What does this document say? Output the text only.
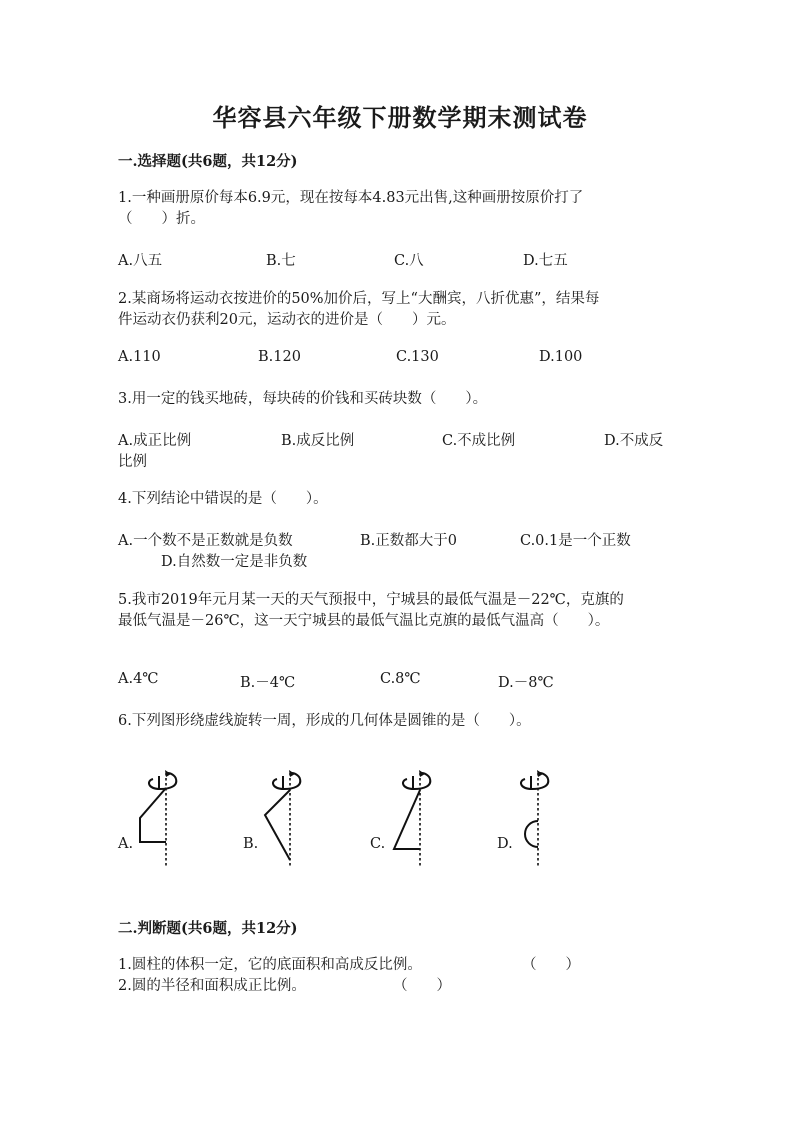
华容县六年级下册数学期末测试卷
一.选择题(共6题，共12分)
1.一种画册原价每本6.9元，现在按每本4.83元出售,这种画册按原价打了
（　　）折。
A.八五	B.七	C.八	D.七五
2.某商场将运动衣按进价的50%加价后，写上“大酬宾，八折优惠”，结果每
件运动衣仍获利20元，运动衣的进价是（　　）元。
A.110	B.120	C.130	D.100
3.用一定的钱买地砖，每块砖的价钱和买砖块数（　　）。
A.成正比例	B.成反比例	C.不成比例	D.不成反
比例
4.下列结论中错误的是（　　）。
A.一个数不是正数就是负数	B.正数都大于0	C.0.1是一个正数
D.自然数一定是非负数
5.我市2019年元月某一天的天气预报中，宁城县的最低气温是－22℃，克旗的
最低气温是－26℃，这一天宁城县的最低气温比克旗的最低气温高（　　）。
A.4℃	B.－4℃	C.8℃	D.－8℃
6.下列图形绕虚线旋转一周，形成的几何体是圆锥的是（　　）。
A.	B.	C.	D.
二.判断题(共6题，共12分)
1.圆柱的体积一定，它的底面积和高成反比例。	（　　）
2.圆的半径和面积成正比例。	（　　）
